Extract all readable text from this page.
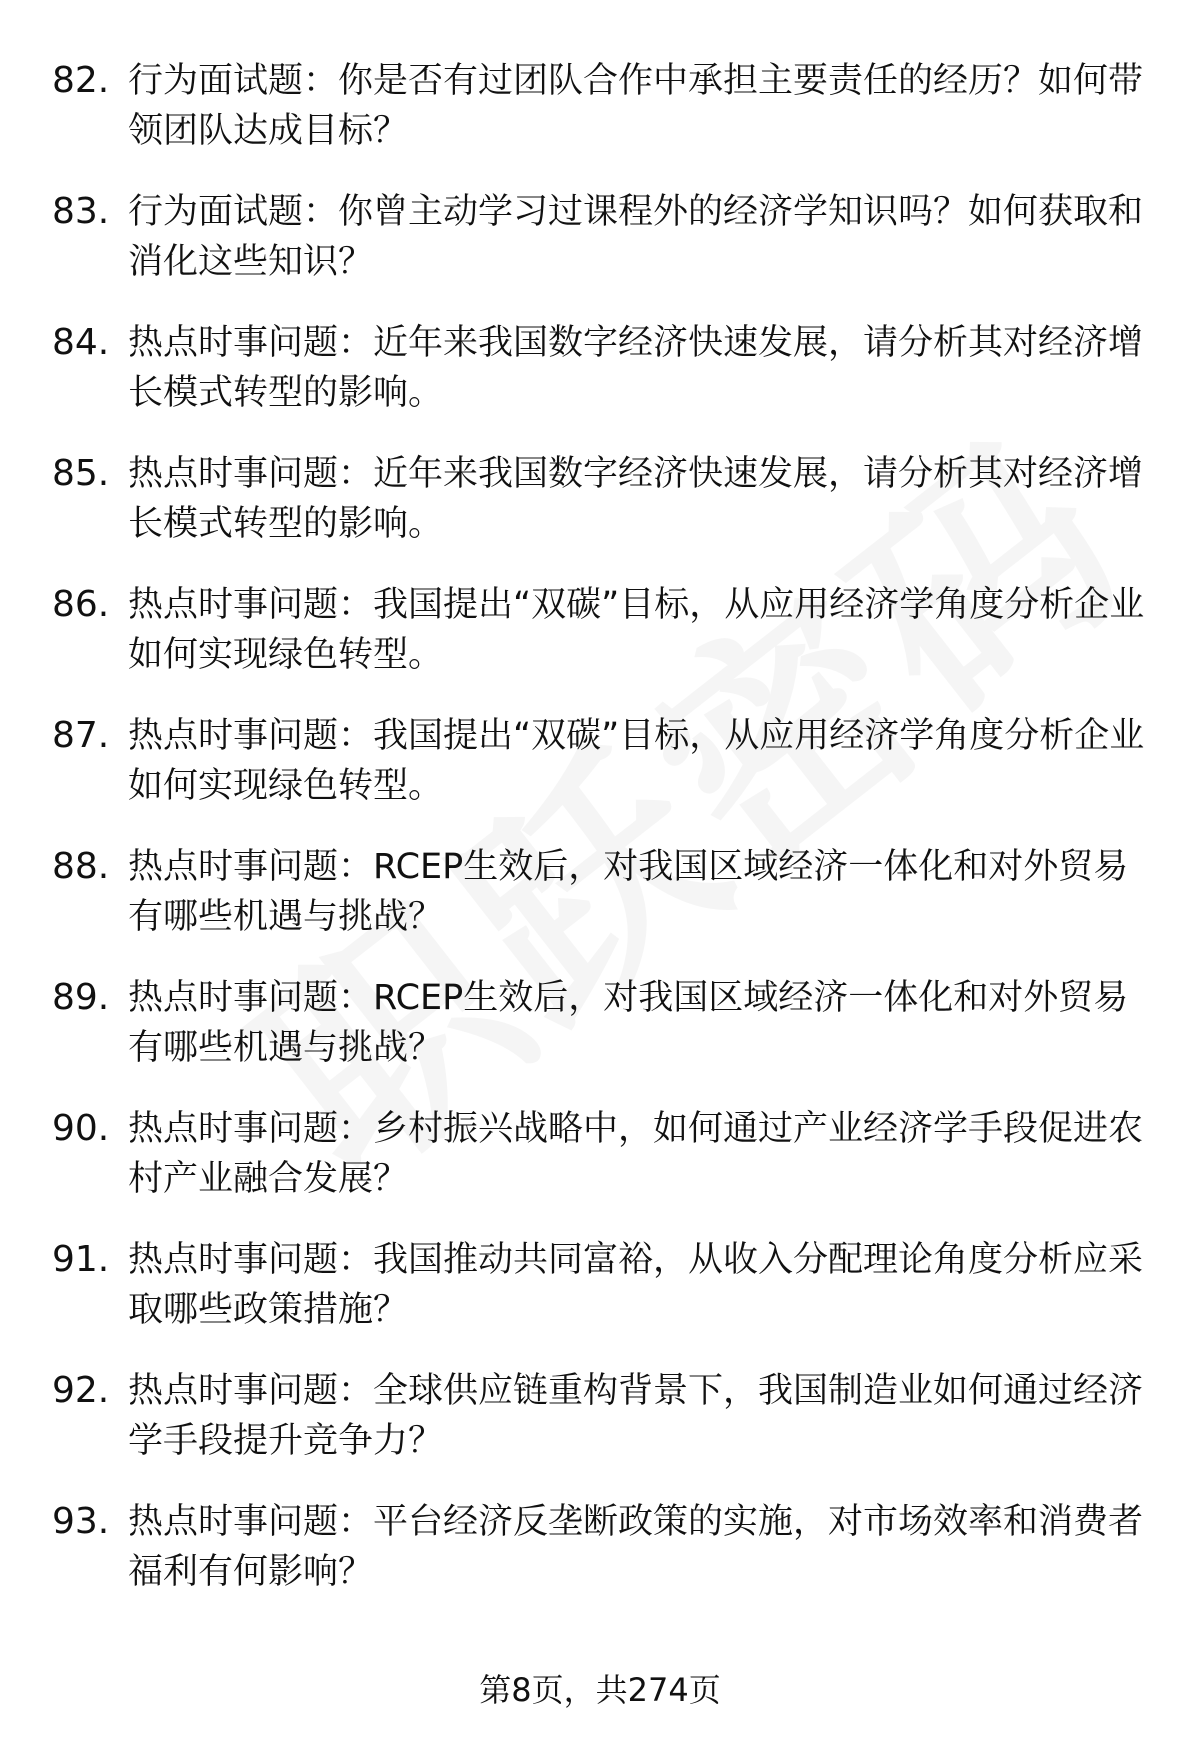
82. 行为面试题：你是否有过团队合作中承担主要责任的经历？如何带领团队达成目标？
83. 行为面试题：你曾主动学习过课程外的经济学知识吗？如何获取和消化这些知识？
84. 热点时事问题：近年来我国数字经济快速发展，请分析其对经济增长模式转型的影响。
85. 热点时事问题：近年来我国数字经济快速发展，请分析其对经济增长模式转型的影响。
86. 热点时事问题：我国提出“双碳”目标，从应用经济学角度分析企业如何实现绿色转型。
87. 热点时事问题：我国提出“双碳”目标，从应用经济学角度分析企业如何实现绿色转型。
88. 热点时事问题：RCEP生效后，对我国区域经济一体化和对外贸易有哪些机遇与挑战？
89. 热点时事问题：RCEP生效后，对我国区域经济一体化和对外贸易有哪些机遇与挑战？
90. 热点时事问题：乡村振兴战略中，如何通过产业经济学手段促进农村产业融合发展？
91. 热点时事问题：我国推动共同富裕，从收入分配理论角度分析应采取哪些政策措施？
92. 热点时事问题：全球供应链重构背景下，我国制造业如何通过经济学手段提升竞争力？
93. 热点时事问题：平台经济反垄断政策的实施，对市场效率和消费者福利有何影响？
第8页，共274页
